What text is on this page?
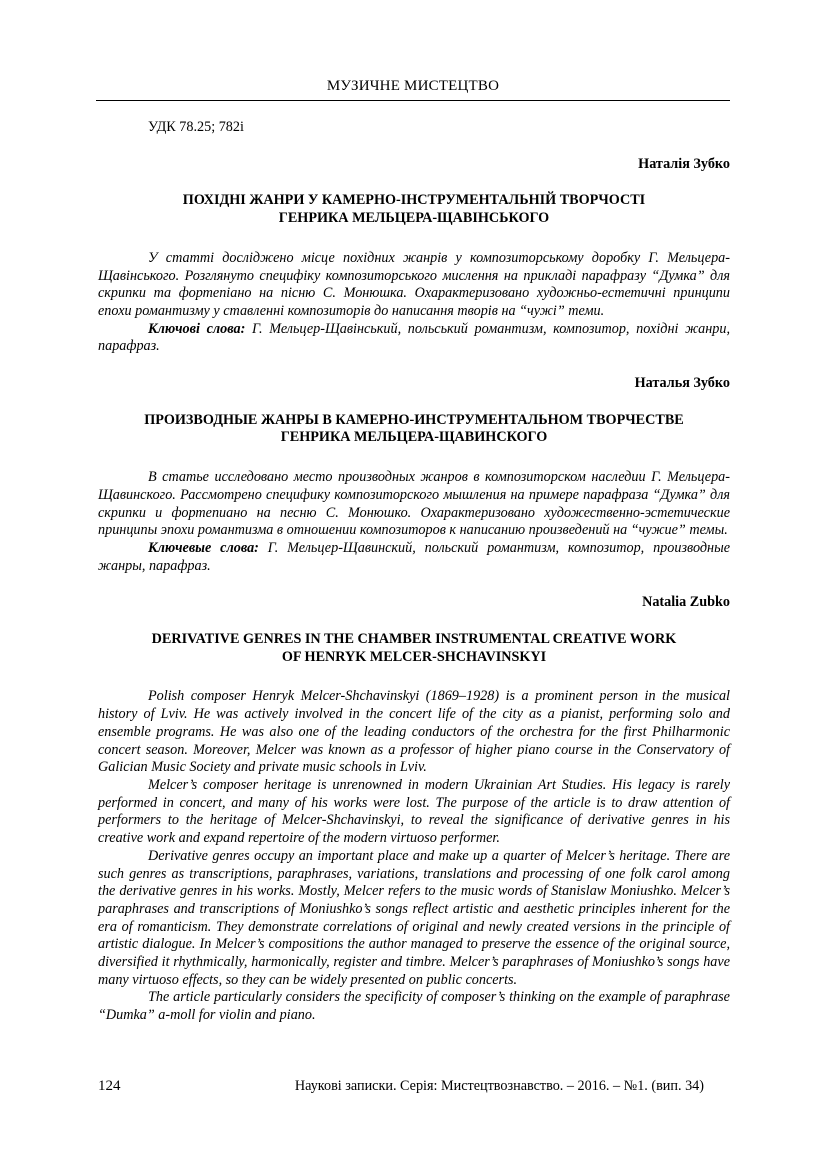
МУЗИЧНЕ МИСТЕЦТВО

УДК 78.25; 782і

Наталія Зубко

ПОХІДНІ ЖАНРИ У КАМЕРНО-ІНСТРУМЕНТАЛЬНІЙ ТВОРЧОСТІ

ГЕНРИКА МЕЛЬЦЕРА-ЩАВІНСЬКОГО

У статті досліджено місце похідних жанрів у композиторському доробку Г. Мельцера-Щавінського. Розглянуто специфіку композиторського мислення на прикладі парафразу “Думка” для скрипки та фортепіано на пісню С. Монюшка. Охарактеризовано художньо-естетичні принципи епохи романтизму у ставленні композиторів до написання творів на “чужі” теми.

Ключові слова: Г. Мельцер-Щавінський, польський романтизм, композитор, похідні жанри, парафраз.

Наталья Зубко

ПРОИЗВОДНЫЕ ЖАНРЫ В КАМЕРНО-ИНСТРУМЕНТАЛЬНОМ ТВОРЧЕСТВЕ

ГЕНРИКА МЕЛЬЦЕРА-ЩАВИНСКОГО

В статье исследовано место производных жанров в композиторском наследии Г. Мельцера-Щавинского. Рассмотрено специфику композиторского мышления на примере парафраза “Думка” для скрипки и фортепиано на песню С. Монюшко. Охарактеризовано художественно-эстетические принципы эпохи романтизма в отношении композиторов к написанию произведений на “чужие” темы.

Ключевые слова: Г. Мельцер-Щавинский, польский романтизм, композитор, производные жанры, парафраз.

Natalia Zubko

DERIVATIVE GENRES IN THE CHAMBER INSTRUMENTAL CREATIVE WORK

OF HENRYK MELCER-SHCHAVINSKYI

Polish composer Henryk Melcer-Shchavinskyi (1869–1928) is a prominent person in the musical history of Lviv. He was actively involved in the concert life of the city as a pianist, performing solo and ensemble programs. He was also one of the leading conductors of the orchestra for the first Philharmonic concert season. Moreover, Melcer was known as a professor of higher piano course in the Conservatory of Galician Music Society and private music schools in Lviv.

Melcer’s composer heritage is unrenowned in modern Ukrainian Art Studies. His legacy is rarely performed in concert, and many of his works were lost. The purpose of the article is to draw attention of performers to the heritage of Melcer-Shchavinskyi, to reveal the significance of derivative genres in his creative work and expand repertoire of the modern virtuoso performer.

Derivative genres occupy an important place and make up a quarter of Melcer’s heritage. There are such genres as transcriptions, paraphrases, variations, translations and processing of one folk carol among the derivative genres in his works. Mostly, Melcer refers to the music words of Stanislaw Moniushko. Melcer’s paraphrases and transcriptions of Moniushko’s songs reflect artistic and aesthetic principles inherent for the era of romanticism. They demonstrate correlations of original and newly created versions in the principle of artistic dialogue. In Melcer’s compositions the author managed to preserve the essence of the original source, diversified it rhythmically, harmonically, register and timbre. Melcer’s paraphrases of Moniushko’s songs have many virtuoso effects, so they can be widely presented on public concerts.

The article particularly considers the specificity of composer’s thinking on the example of paraphrase “Dumka” a-moll for violin and piano.

124	Наукові записки. Серія: Мистецтвознавство. – 2016. – №1. (вип. 34)
